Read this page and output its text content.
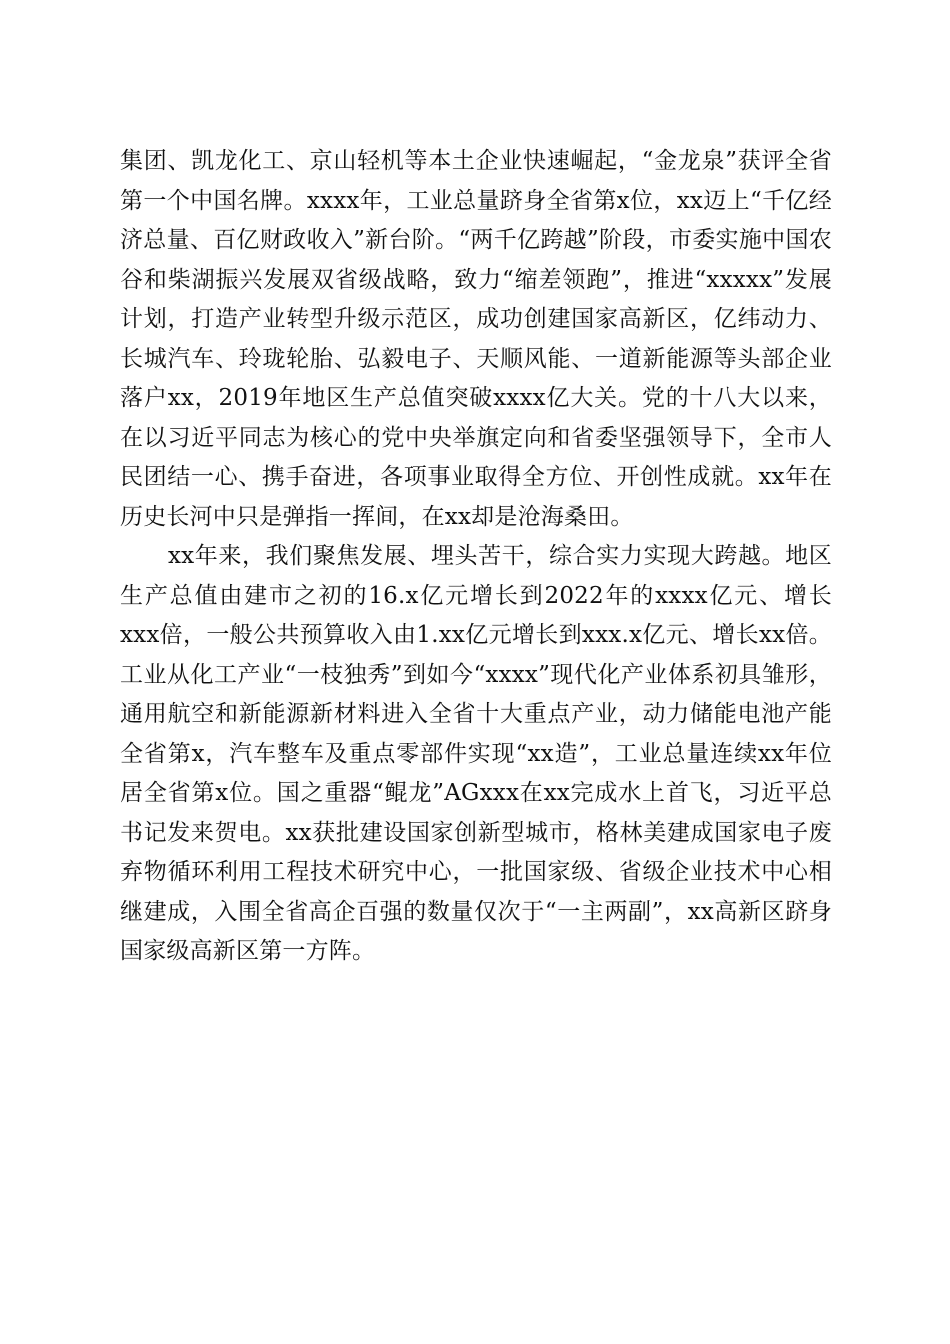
集团、凯龙化工、京山轻机等本土企业快速崛起，“金龙泉”获评全省第一个中国名牌。xxxx年，工业总量跻身全省第x位，xx迈上“千亿经济总量、百亿财政收入”新台阶。“两千亿跨越”阶段，市委实施中国农谷和柴湖振兴发展双省级战略，致力“缩差领跑”，推进“xxxxx”发展计划，打造产业转型升级示范区，成功创建国家高新区，亿纬动力、长城汽车、玲珑轮胎、弘毅电子、天顺风能、一道新能源等头部企业落户xx，2019年地区生产总值突破xxxx亿大关。党的十八大以来，在以习近平同志为核心的党中央举旗定向和省委坚强领导下，全市人民团结一心、携手奋进，各项事业取得全方位、开创性成就。xx年在历史长河中只是弹指一挥间，在xx却是沧海桑田。

xx年来，我们聚焦发展、埋头苦干，综合实力实现大跨越。地区生产总值由建市之初的16.x亿元增长到2022年的xxxx亿元、增长xxx倍，一般公共预算收入由1.xx亿元增长到xxx.x亿元、增长xx倍。工业从化工产业“一枝独秀”到如今“xxxx”现代化产业体系初具雏形，通用航空和新能源新材料进入全省十大重点产业，动力储能电池产能全省第x，汽车整车及重点零部件实现“xx造”，工业总量连续xx年位居全省第x位。国之重器“鲲龙”AGxxx在xx完成水上首飞，习近平总书记发来贺电。xx获批建设国家创新型城市，格林美建成国家电子废弃物循环利用工程技术研究中心，一批国家级、省级企业技术中心相继建成，入围全省高企百强的数量仅次于“一主两副”，xx高新区跻身国家级高新区第一方阵。
